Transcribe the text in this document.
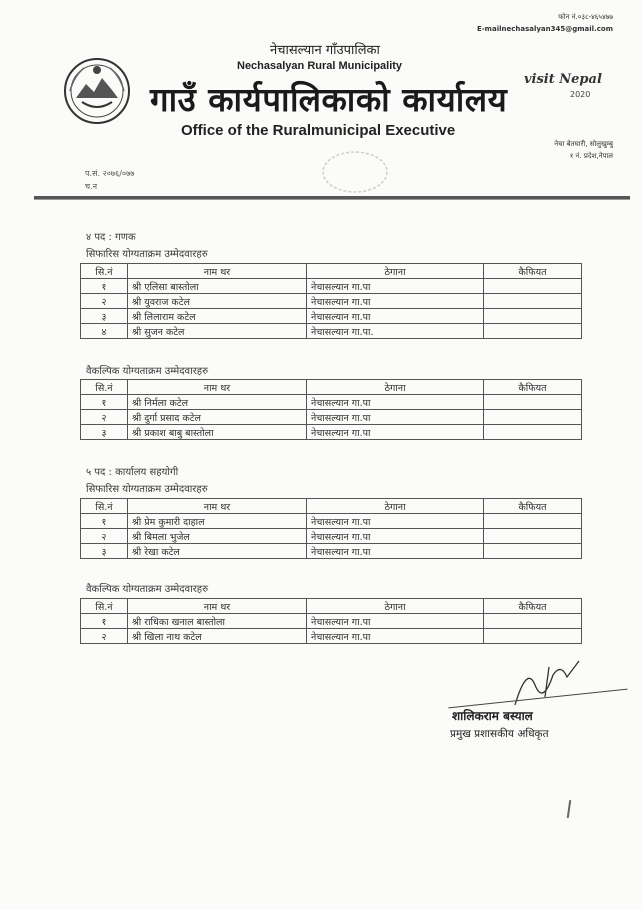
फोन नं.०३८-४६५४७७
E-mailnechasalyan345@gmail.com
नेचासल्यान गाँउपालिका
Nechasalyan Rural Municipality
गाउँ कार्यपालिकाको कार्यालय
Office of the Ruralmunicipal Executive
visit Nepal
2020
नेचा बेतघारी, सोलुखुम्बु
१ नं. प्रदेश,नेपाल
प.सं. २०७६/०७७
च.न
४ पद : गणक
सिफारिस योग्यताक्रम उम्मेदवारहरु
सि.नं	नाम थर	ठेगाना	कैफियत
१	श्री एलिसा बास्तोला	नेचासल्यान गा.पा	
२	श्री युवराज कटेल	नेचासल्यान गा.पा	
३	श्री लिलाराम कटेल	नेचासल्यान गा.पा	
४	श्री सुजन कटेल	नेचासल्यान गा.पा.	
वैकल्पिक योग्यताक्रम उम्मेदवारहरु
सि.नं	नाम थर	ठेगाना	कैफियत
१	श्री निर्मला कटेल	नेचासल्यान गा.पा	
२	श्री दुर्गा प्रसाद कटेल	नेचासल्यान गा.पा	
३	श्री प्रकाश बाबु बास्तोला	नेचासल्यान गा.पा	
५ पद : कार्यालय सहयोगी
सिफारिस योग्यताक्रम उम्मेदवारहरु
सि.नं	नाम थर	ठेगाना	कैफियत
१	श्री प्रेम कुमारी दाहाल	नेचासल्यान गा.पा	
२	श्री बिमला भुजेल	नेचासल्यान गा.पा	
३	श्री रेखा कटेल	नेचासल्यान गा.पा	
वैकल्पिक योग्यताक्रम उम्मेदवारहरु
सि.नं	नाम थर	ठेगाना	कैफियत
१	श्री राधिका खनाल बास्तोला	नेचासल्यान गा.पा	
२	श्री खिला नाथ कटेल	नेचासल्यान गा.पा	
शालिकराम बस्याल
प्रमुख प्रशासकीय अधिकृत
